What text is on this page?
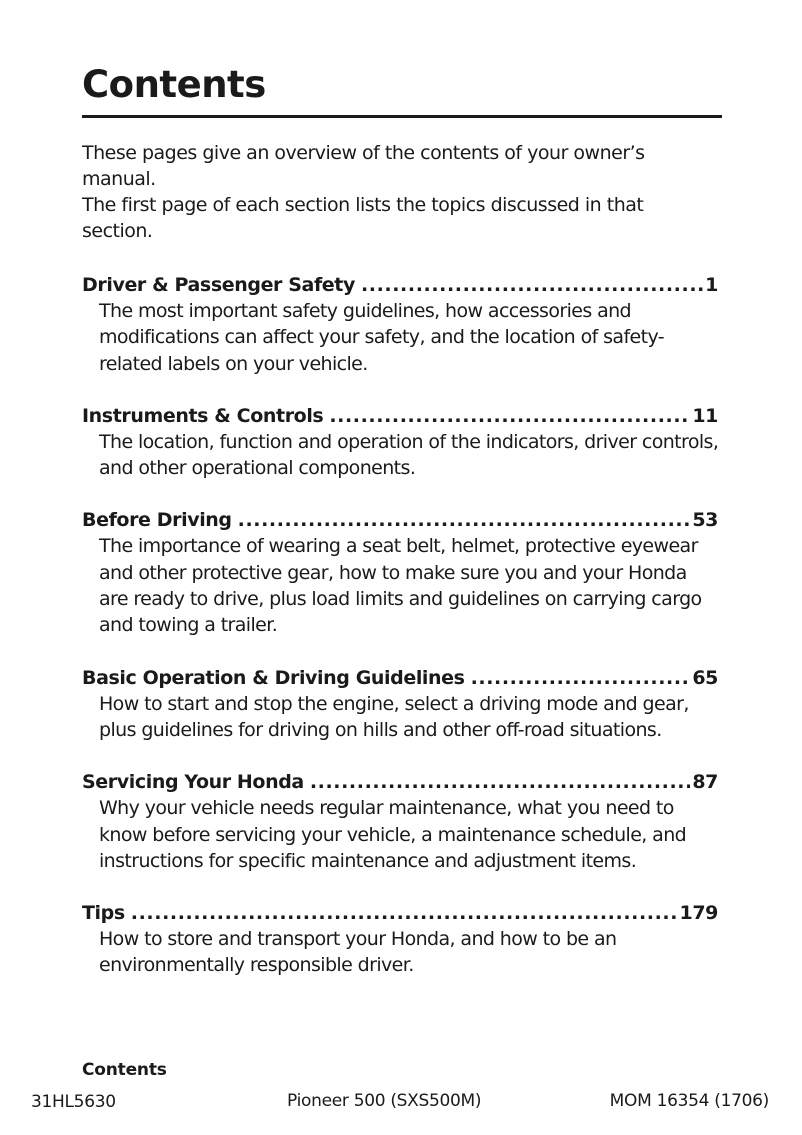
Contents

These pages give an overview of the contents of your owner’s manual.

The first page of each section lists the topics discussed in that section.

Driver & Passenger Safety .....	1

The most important safety guidelines, how accessories and modifications can affect your safety, and the location of safety-related labels on your vehicle.

Instruments & Controls .....	11

The location, function and operation of the indicators, driver controls, and other operational components.

Before Driving .....	53

The importance of wearing a seat belt, helmet, protective eyewear and other protective gear, how to make sure you and your Honda are ready to drive, plus load limits and guidelines on carrying cargo and towing a trailer.

Basic Operation & Driving Guidelines .....	65

How to start and stop the engine, select a driving mode and gear, plus guidelines for driving on hills and other off-road situations.

Servicing Your Honda .....	87

Why your vehicle needs regular maintenance, what you need to know before servicing your vehicle, a maintenance schedule, and instructions for specific maintenance and adjustment items.

Tips .....	179

How to store and transport your Honda, and how to be an environmentally responsible driver.

Contents
31HL5630	Pioneer 500 (SXS500M)	MOM 16354 (1706)
